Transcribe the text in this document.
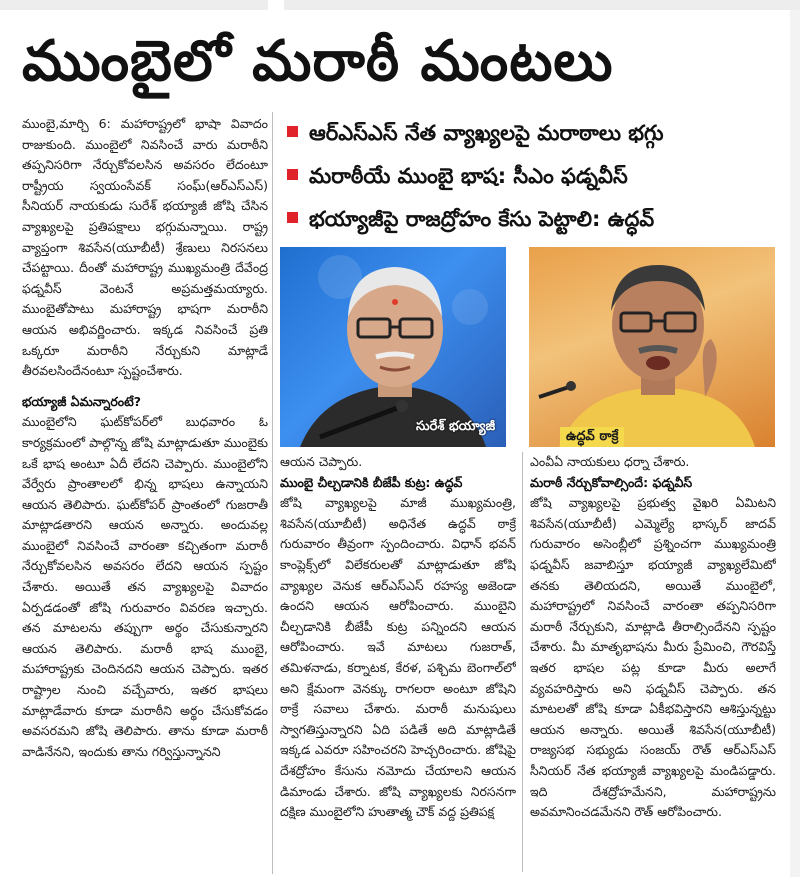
ముంబైలో మరాఠీ మంటలు

ముంబై,మార్చి 6: మహారాష్ట్రలో భాషా వివాదం రాజుకుంది. ముంబైలో నివసించే వారు మరాఠీని తప్పనిసరిగా నేర్చుకోవలసిన అవసరం లేదంటూ రాష్ట్రీయ స్వయంసేవక్ సంఘ్(ఆర్‌ఎస్‌ఎస్) సీనియర్ నాయకుడు సురేశ్ భయ్యాజీ జోషి చేసిన వ్యాఖ్యలపై ప్రతిపక్షాలు భగ్గుమన్నాయి. రాష్ట్ర వ్యాప్తంగా శివసేన(యూబీటీ) శ్రేణులు నిరసనలు చేపట్టాయి. దీంతో మహారాష్ట్ర ముఖ్యమంత్రి దేవేంద్ర ఫడ్నవీస్ వెంటనే అప్రమత్తమయ్యారు. ముంబైతోపాటు మహారాష్ట్ర భాషగా మరాఠీని ఆయన అభివర్ణించారు. ఇక్కడ నివసించే ప్రతి ఒక్కరూ మరాఠీని నేర్చుకుని మాట్లాడే తీరవలసిందేనంటూ స్పష్టంచేశారు.

భయ్యాజీ ఏమన్నారంటే?

ముంబైలోని ఘట్‌కోపర్‌లో బుధవారం ఓ కార్యక్రమంలో పాల్గొన్న జోషి మాట్లాడుతూ ముంబైకు ఒకే భాష అంటూ ఏదీ లేదని చెప్పారు. ముంబైలోని వేర్వేరు ప్రాంతాలలో భిన్న భాషలు ఉన్నాయని ఆయన తెలిపారు. ఘట్‌కోపర్ ప్రాంతంలో గుజరాతీ మాట్లాడతారని ఆయన అన్నారు. అందువల్ల ముంబైలో నివసించే వారంతా కచ్చితంగా మరాఠీ నేర్చుకోవలసిన అవసరం లేదని ఆయన స్పష్టం చేశారు. అయితే తన వ్యాఖ్యలపై వివాదం ఏర్పడడంతో జోషి గురువారం వివరణ ఇచ్చారు. తన మాటలను తప్పుగా అర్థం చేసుకున్నారని ఆయన తెలిపారు. మరాఠీ భాష ముంబై, మహారాష్ట్రకు చెందినదని ఆయన చెప్పారు. ఇతర రాష్ట్రాల నుంచి వచ్చేవారు, ఇతర భాషలు మాట్లాడేవారు కూడా మరాఠీని అర్థం చేసుకోవడం అవసరమని జోషి తెలిపారు. తాను కూడా మరాఠీ వాడినేనని, ఇందుకు తాను గర్విస్తున్నానని

ఆర్‌ఎస్‌ఎస్ నేత వ్యాఖ్యలపై మరాఠాలు భగ్గు
మరాఠీయే ముంబై భాష: సీఎం ఫడ్నవీస్
భయ్యాజీపై రాజద్రోహం కేసు పెట్టాలి: ఉద్ధవ్
సురేశ్ భయ్యాజీ
ఉద్ధవ్ ఠాక్రే

ఆయన చెప్పారు.

ముంబై చీల్చడానికి బీజేపీ కుట్ర: ఉద్ధవ్

జోషి వ్యాఖ్యలపై మాజీ ముఖ్యమంత్రి, శివసేన(యూబీటీ) అధినేత ఉద్ధవ్ ఠాక్రే గురువారం తీవ్రంగా స్పందించారు. విధాన్ భవన్ కాంప్లెక్స్‌లో విలేకరులతో మాట్లాడుతూ జోషి వ్యాఖ్యల వెనుక ఆర్‌ఎస్‌ఎస్ రహస్య అజెండా ఉందని ఆయన ఆరోపించారు. ముంబైని చీల్చడానికి బీజేపీ కుట్ర పన్నిందని ఆయన ఆరోపించారు. ఇవే మాటలు గుజరాత్, తమిళనాడు, కర్నాటక, కేరళ, పశ్చిమ బెంగాల్‌లో అని క్షేమంగా వెనక్కు రాగలరా అంటూ జోషిని ఠాక్రే సవాలు చేశారు. మరాఠీ మనుషులు స్వాగతిస్తున్నారని ఏది పడితే అది మాట్లాడితే ఇక్కడ ఎవరూ సహించరని హెచ్చరించారు. జోషిపై దేశద్రోహం కేసును నమోదు చేయాలని ఆయన డిమాండు చేశారు. జోషి వ్యాఖ్యలకు నిరసనగా దక్షిణ ముంబైలోని హుతాత్మ చౌక్ వద్ద ప్రతిపక్ష

ఎంవీఏ నాయకులు ధర్నా చేశారు.

మరాఠీ నేర్చుకోవాల్సిందే: ఫడ్నవీస్

జోషి వ్యాఖ్యలపై ప్రభుత్వ వైఖరి ఏమిటని శివసేన(యూబీటీ) ఎమ్మెల్యే భాస్కర్ జాదవ్ గురువారం అసెంబ్లీలో ప్రశ్నించగా ముఖ్యమంత్రి ఫడ్నవీస్ జవాబిస్తూ భయ్యాజీ వ్యాఖ్యలేమిటో తనకు తెలియదని, అయితే ముంబైలో, మహారాష్ట్రలో నివసించే వారంతా తప్పనిసరిగా మరాఠీ నేర్చుకుని, మాట్లాడి తీరాల్సిందేనని స్పష్టం చేశారు. మీ మాతృభాషను మీరు ప్రేమించి, గౌరవిస్తే ఇతర భాషల పట్ల కూడా మీరు అలాగే వ్యవహరిస్తారు అని ఫడ్నవీస్ చెప్పారు. తన మాటలతో జోషి కూడా ఏకీభవిస్తారని ఆశిస్తున్నట్టు ఆయన అన్నారు. అయితే శివసేన(యూబీటీ) రాజ్యసభ సభ్యుడు సంజయ్ రౌత్ ఆర్‌ఎస్‌ఎస్ సీనియర్ నేత భయ్యాజీ వ్యాఖ్యలపై మండిపడ్డారు. ఇది దేశద్రోహమేనని, మహారాష్ట్రను అవమానించడమేనని రౌత్ ఆరోపించారు.
